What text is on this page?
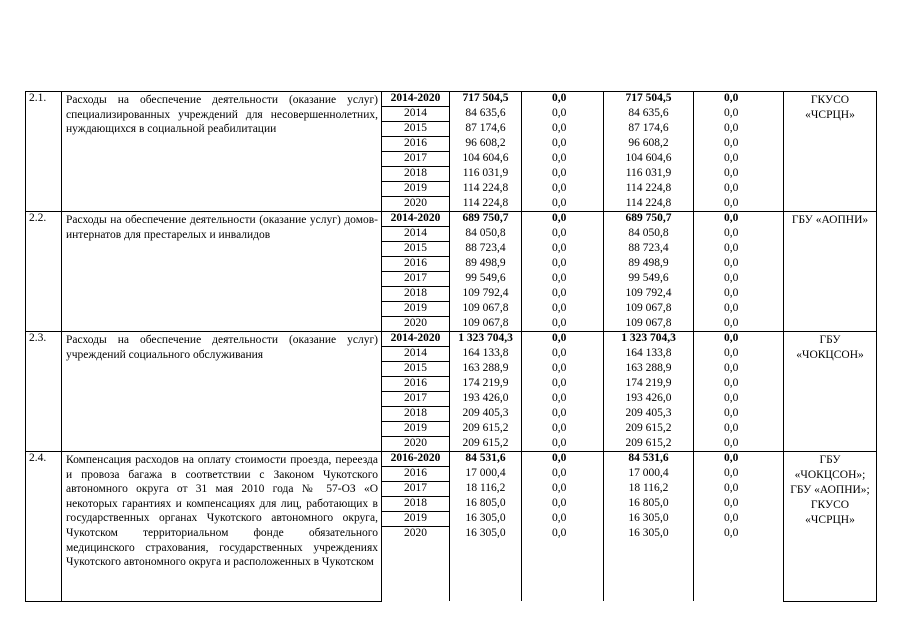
2.1.	Расходы на обеспечение деятельности (оказание услуг) специализированных учреждений для несовершеннолетних, нуждающихся в социальной реабилитации	2014-2020	717 504,5	0,0	717 504,5	0,0	ГКУСО «ЧСРЦН»
		2014	84 635,6	0,0	84 635,6	0,0	
		2015	87 174,6	0,0	87 174,6	0,0	
		2016	96 608,2	0,0	96 608,2	0,0	
		2017	104 604,6	0,0	104 604,6	0,0	
		2018	116 031,9	0,0	116 031,9	0,0	
		2019	114 224,8	0,0	114 224,8	0,0	
		2020	114 224,8	0,0	114 224,8	0,0	
2.2.	Расходы на обеспечение деятельности (оказание услуг) домов-интернатов для престарелых и инвалидов	2014-2020	689 750,7	0,0	689 750,7	0,0	ГБУ «АОПНИ»
		2014	84 050,8	0,0	84 050,8	0,0	
		2015	88 723,4	0,0	88 723,4	0,0	
		2016	89 498,9	0,0	89 498,9	0,0	
		2017	99 549,6	0,0	99 549,6	0,0	
		2018	109 792,4	0,0	109 792,4	0,0	
		2019	109 067,8	0,0	109 067,8	0,0	
		2020	109 067,8	0,0	109 067,8	0,0	
2.3.	Расходы на обеспечение деятельности (оказание услуг) учреждений социального обслуживания	2014-2020	1 323 704,3	0,0	1 323 704,3	0,0	ГБУ «ЧОКЦСОН»
		2014	164 133,8	0,0	164 133,8	0,0	
		2015	163 288,9	0,0	163 288,9	0,0	
		2016	174 219,9	0,0	174 219,9	0,0	
		2017	193 426,0	0,0	193 426,0	0,0	
		2018	209 405,3	0,0	209 405,3	0,0	
		2019	209 615,2	0,0	209 615,2	0,0	
		2020	209 615,2	0,0	209 615,2	0,0	
2.4.	Компенсация расходов на оплату стоимости проезда, переезда и провоза багажа в соответствии с Законом Чукотского автономного округа от 31 мая 2010 года № 57-ОЗ «О некоторых гарантиях и компенсациях для лиц, работающих в государственных органах Чукотского автономного округа, Чукотском территориальном фонде обязательного медицинского страхования, государственных учреждениях Чукотского автономного округа и расположенных в Чукотском	2016-2020	84 531,6	0,0	84 531,6	0,0	ГБУ «ЧОКЦСОН»; ГБУ «АОПНИ»; ГКУСО «ЧСРЦН»
		2016	17 000,4	0,0	17 000,4	0,0	
		2017	18 116,2	0,0	18 116,2	0,0	
		2018	16 805,0	0,0	16 805,0	0,0	
		2019	16 305,0	0,0	16 305,0	0,0	
		2020	16 305,0	0,0	16 305,0	0,0	
